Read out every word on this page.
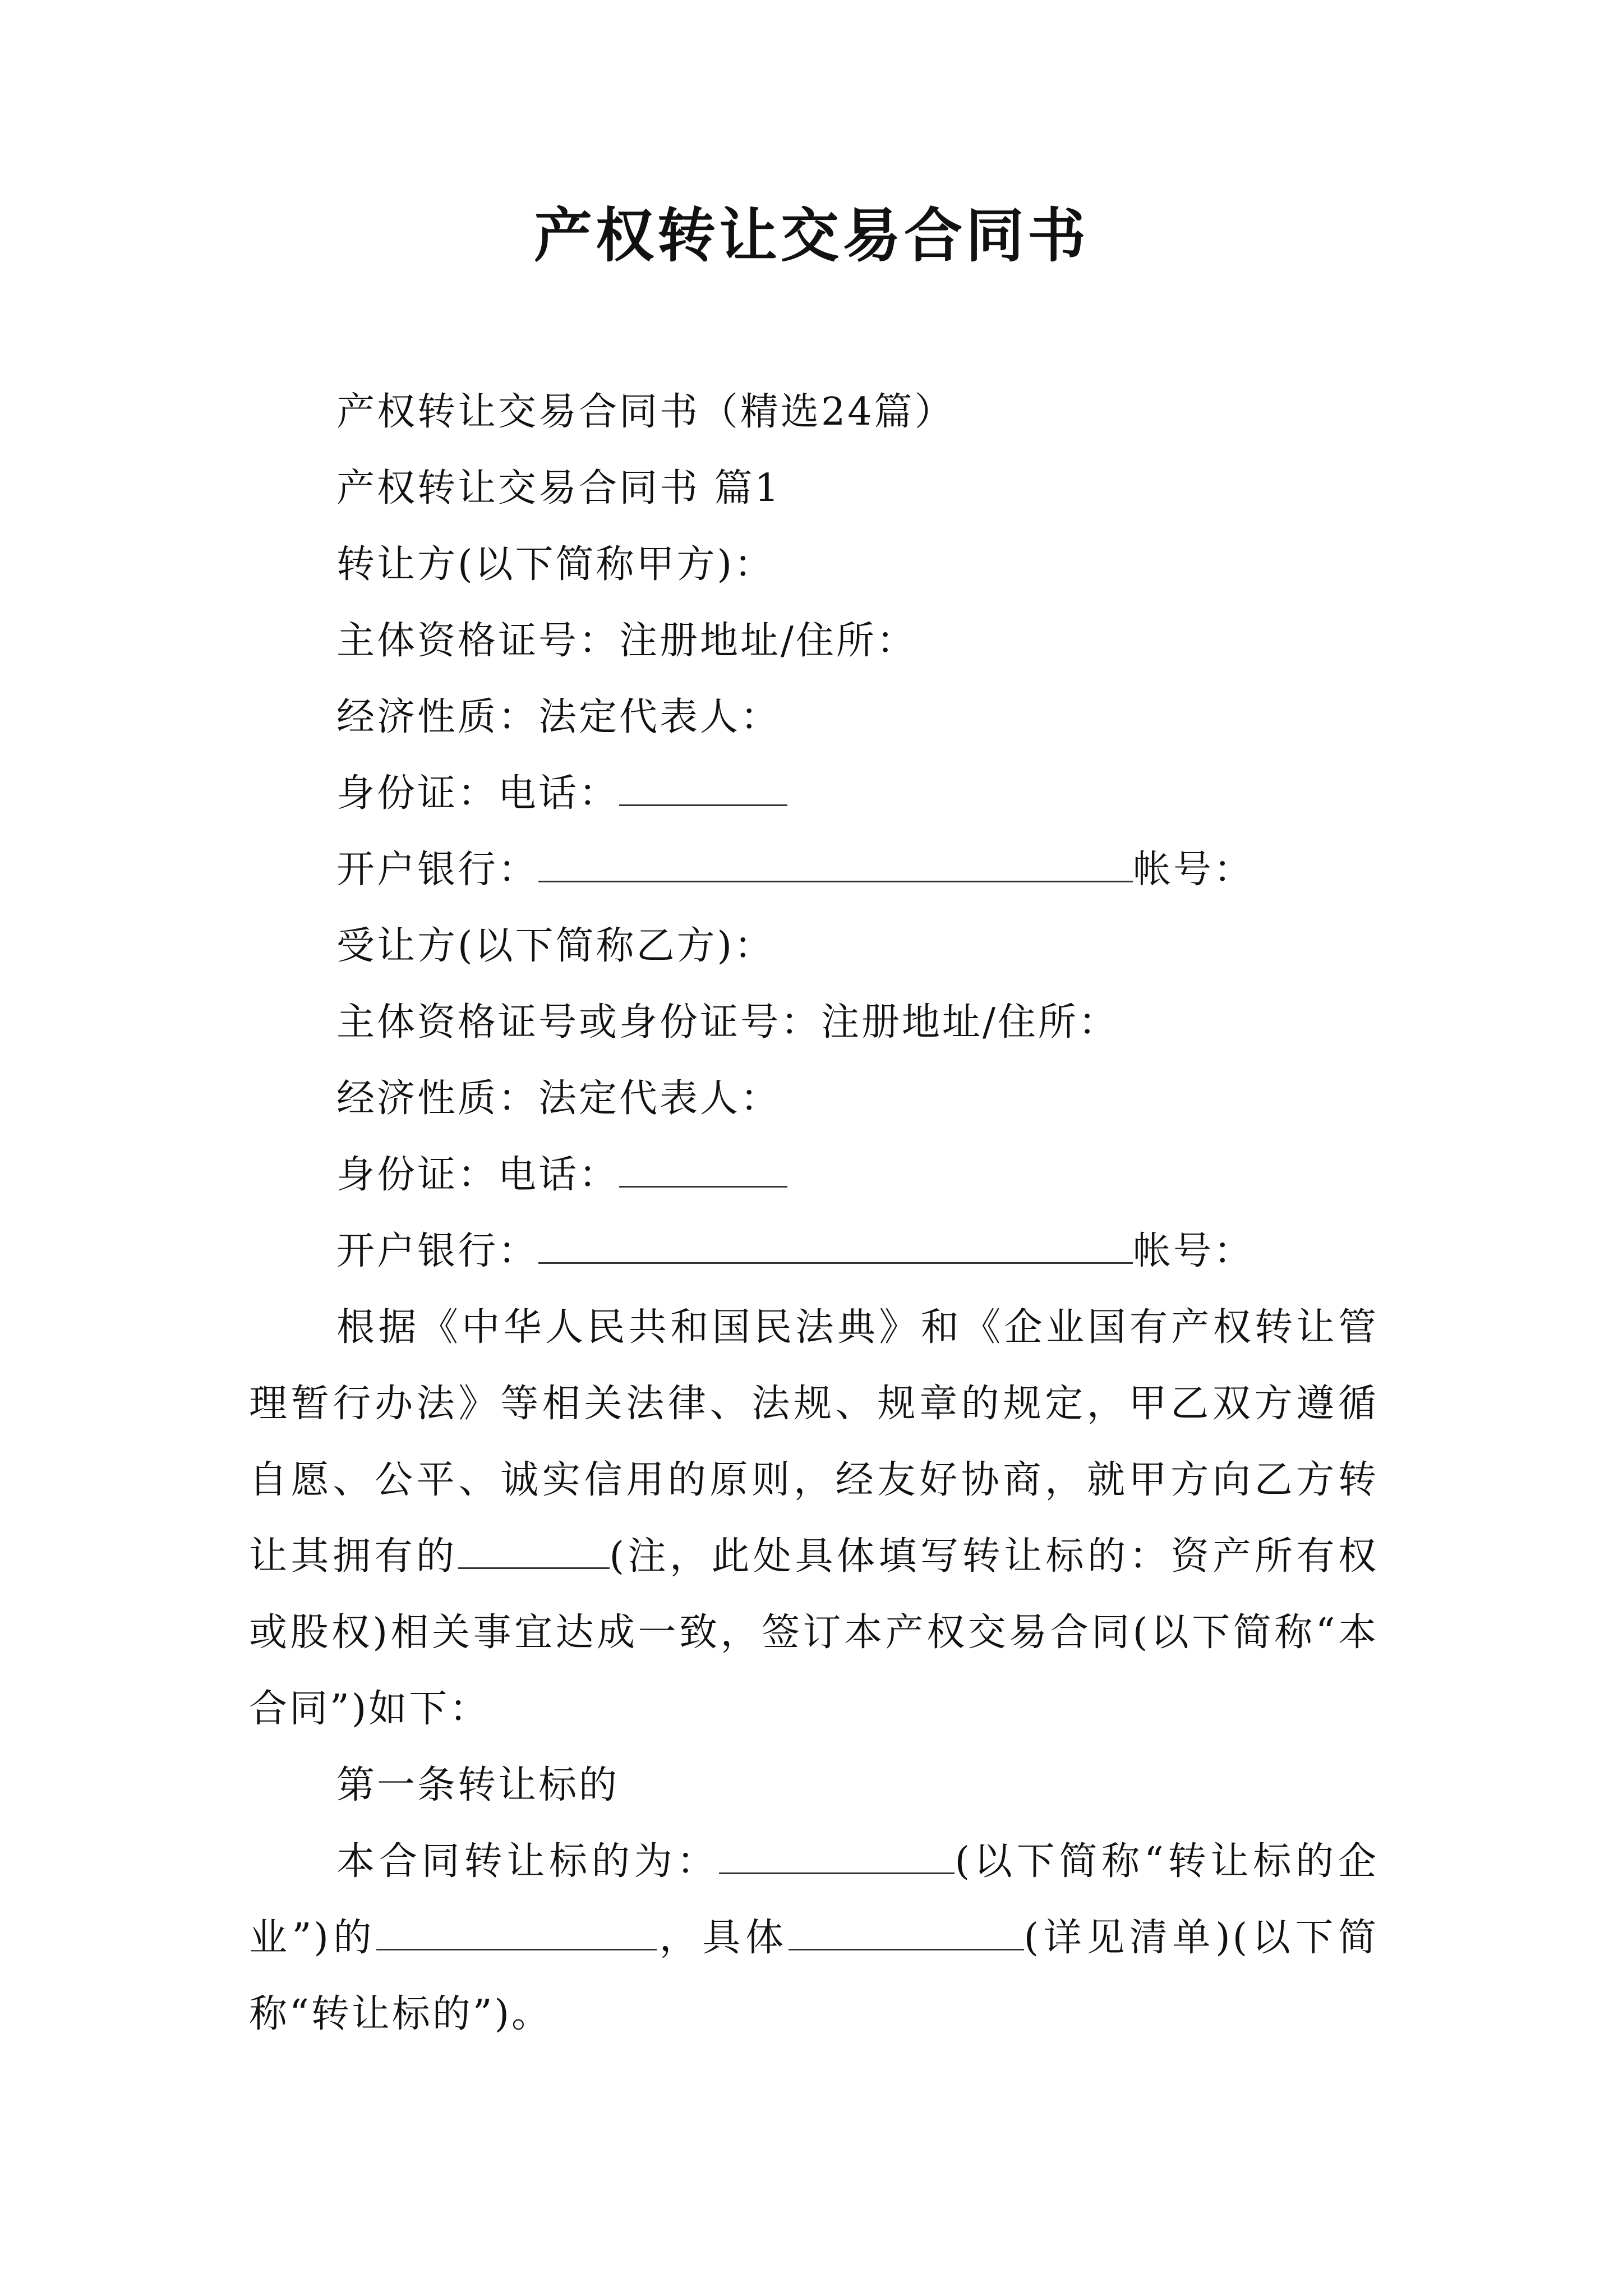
产权转让交易合同书
产权转让交易合同书（精选24篇）
产权转让交易合同书 篇1
转让方(以下简称甲方)：
主体资格证号：注册地址/住所：
经济性质：法定代表人：
身份证：电话：
开户银行：	帐号：
受让方(以下简称乙方)：
主体资格证号或身份证号：注册地址/住所：
经济性质：法定代表人：
身份证：电话：
开户银行：	帐号：
根据《中华人民共和国民法典》和《企业国有产权转让管理暂行办法》等相关法律、法规、规章的规定，甲乙双方遵循自愿、公平、诚实信用的原则，经友好协商，就甲方向乙方转让其拥有的	(注，此处具体填写转让标的：资产所有权或股权)相关事宜达成一致，签订本产权交易合同(以下简称“本合同”)如下：
第一条转让标的
本合同转让标的为：	(以下简称“转让标的企业”)的	，具体	(详见清单)(以下简称“转让标的”)。
